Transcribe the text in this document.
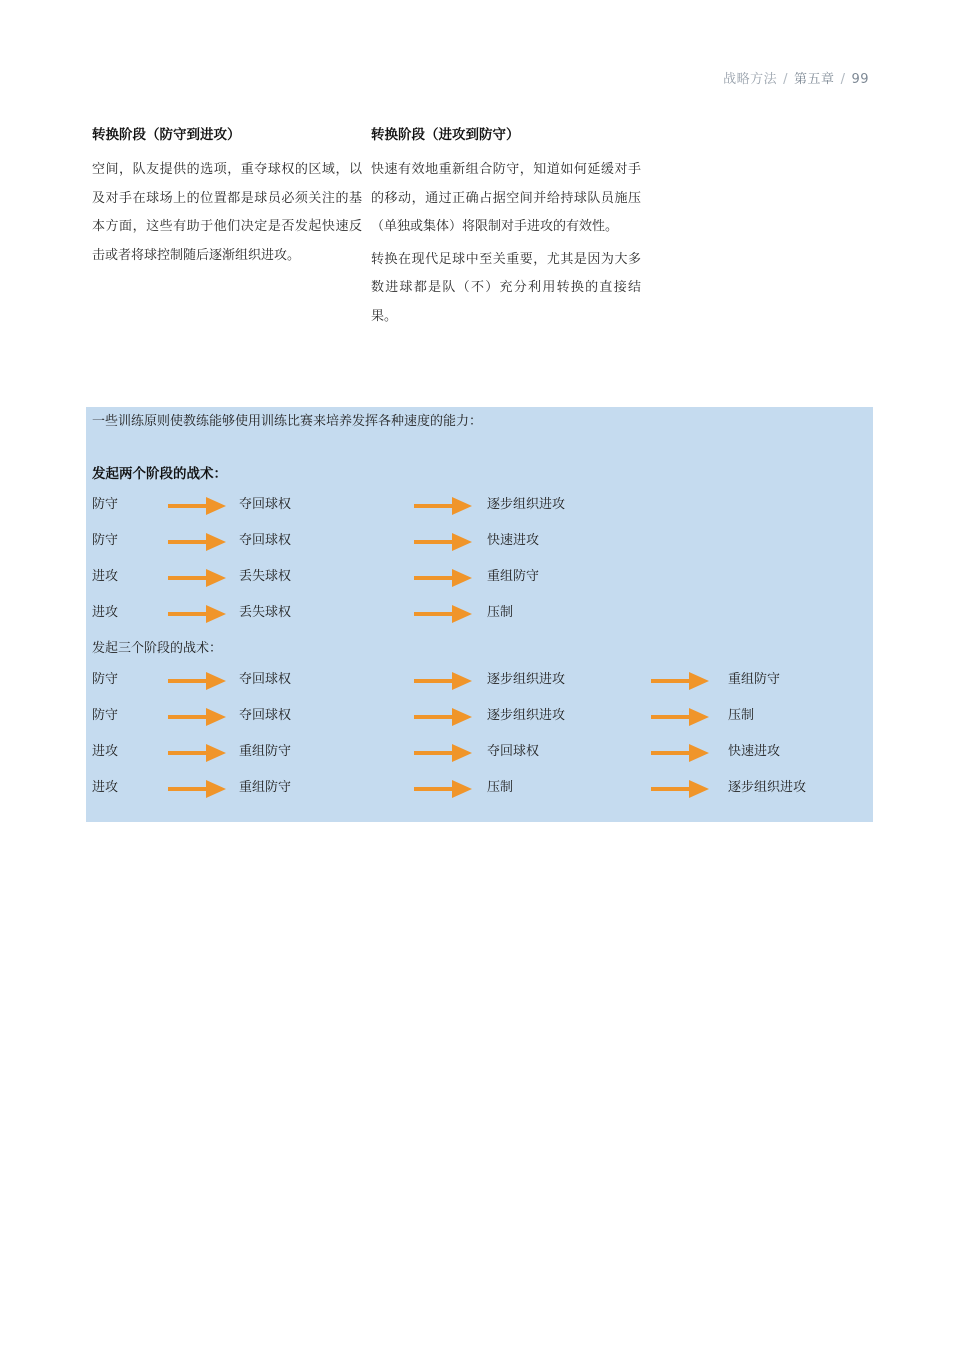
战略方法 / 第五章 / 99
转换阶段（防守到进攻）

空间，队友提供的选项，重夺球权的区域，以及对手在球场上的位置都是球员必须关注的基本方面，这些有助于他们决定是否发起快速反击或者将球控制随后逐渐组织进攻。

转换阶段（进攻到防守）

快速有效地重新组合防守，知道如何延缓对手的移动，通过正确占据空间并给持球队员施压（单独或集体）将限制对手进攻的有效性。

转换在现代足球中至关重要，尤其是因为大多数进球都是队（不）充分利用转换的直接结果。

一些训练原则使教练能够使用训练比赛来培养发挥各种速度的能力：
发起两个阶段的战术：
防守	夺回球权	逐步组织进攻
防守	夺回球权	快速进攻
进攻	丢失球权	重组防守
进攻	丢失球权	压制
发起三个阶段的战术：
防守	夺回球权	逐步组织进攻	重组防守
防守	夺回球权	逐步组织进攻	压制
进攻	重组防守	夺回球权	快速进攻
进攻	重组防守	压制	逐步组织进攻
